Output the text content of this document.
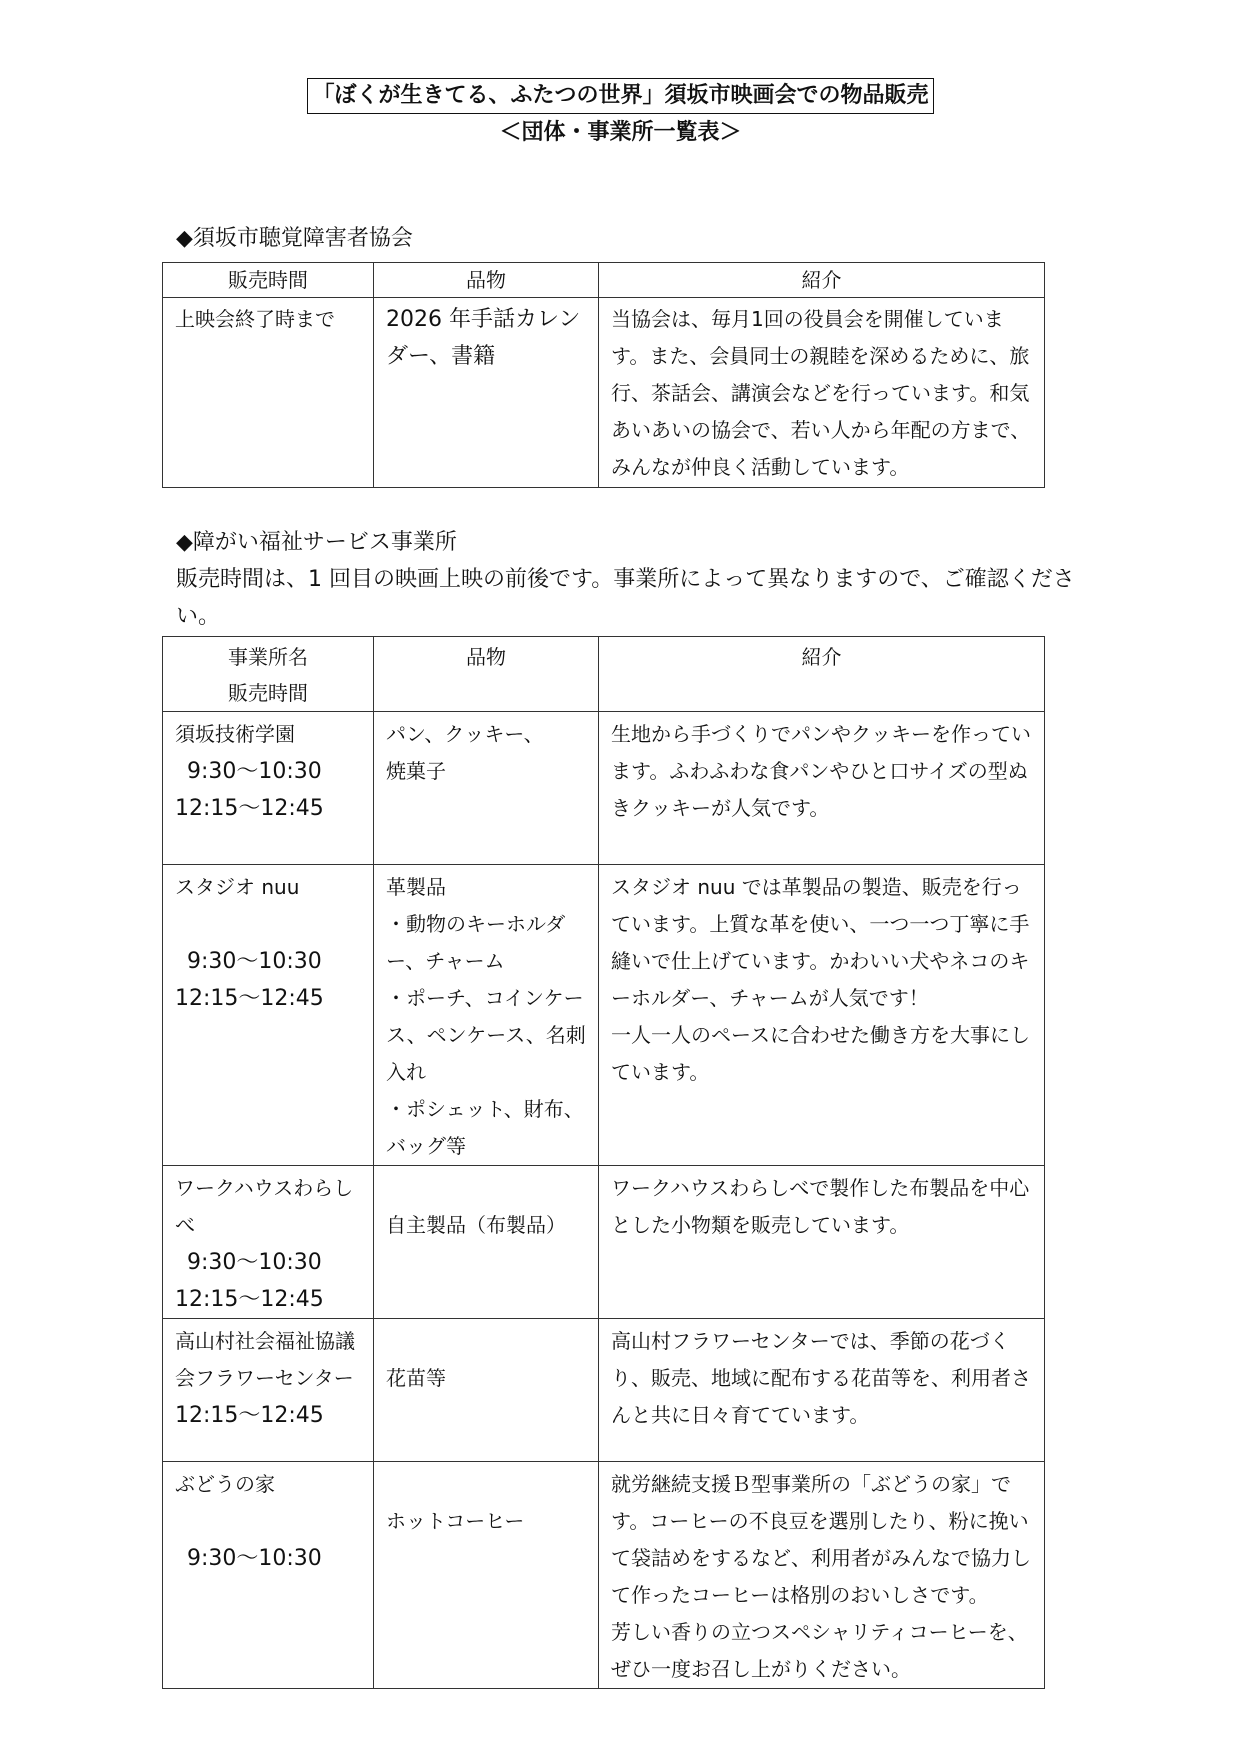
「ぼくが生きてる、ふたつの世界」須坂市映画会での物品販売
＜団体・事業所一覧表＞
◆須坂市聴覚障害者協会
販売時間	品物	紹介
上映会終了時まで	2026 年手話カレンダー、書籍	当協会は、毎月1回の役員会を開催しています。また、会員同士の親睦を深めるために、旅行、茶話会、講演会などを行っています。和気あいあいの協会で、若い人から年配の方まで、みんなが仲良く活動しています。
◆障がい福祉サービス事業所
販売時間は、1 回目の映画上映の前後です。事業所によって異なりますので、ご確認ください。
事業所名
販売時間	品物	紹介

須坂技術学園
9:30～10:30
12:15～12:45	パン、クッキー、
焼菓子	生地から手づくりでパンやクッキーを作っています。ふわふわな食パンやひと口サイズの型ぬきクッキーが人気です。

スタジオ nuu
9:30～10:30
12:15～12:45	革製品
・動物のキーホルダー、チャーム
・ポーチ、コインケース、ペンケース、名刺入れ
・ポシェット、財布、バッグ等	スタジオ nuu では革製品の製造、販売を行っています。上質な革を使い、一つ一つ丁寧に手縫いで仕上げています。かわいい犬やネコのキーホルダー、チャームが人気です！
一人一人のペースに合わせた働き方を大事にしています。

ワークハウスわらしべ
9:30～10:30
12:15～12:45	自主製品（布製品）	ワークハウスわらしべで製作した布製品を中心とした小物類を販売しています。

高山村社会福祉協議会フラワーセンター
12:15～12:45	花苗等	高山村フラワーセンターでは、季節の花づくり、販売、地域に配布する花苗等を、利用者さんと共に日々育てています。

ぶどうの家
9:30～10:30	ホットコーヒー	就労継続支援Ｂ型事業所の「ぶどうの家」です。コーヒーの不良豆を選別したり、粉に挽いて袋詰めをするなど、利用者がみんなで協力して作ったコーヒーは格別のおいしさです。
芳しい香りの立つスペシャリティコーヒーを、ぜひ一度お召し上がりください。
